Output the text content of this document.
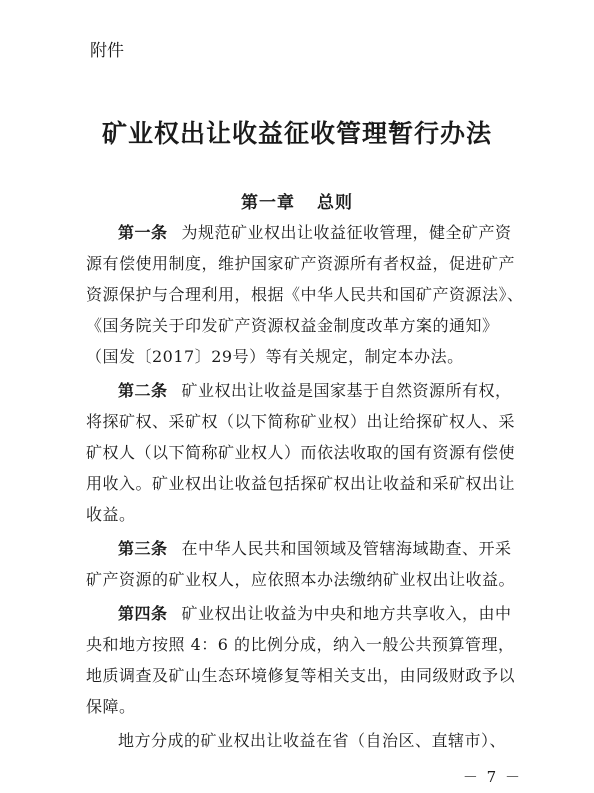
附件
矿业权出让收益征收管理暂行办法
第一章 总则
第一条 为规范矿业权出让收益征收管理，健全矿产资
源有偿使用制度，维护国家矿产资源所有者权益，促进矿产
资源保护与合理利用，根据《中华人民共和国矿产资源法》、
《国务院关于印发矿产资源权益金制度改革方案的通知》
（国发〔2017〕29号）等有关规定，制定本办法。
第二条 矿业权出让收益是国家基于自然资源所有权，
将探矿权、采矿权（以下简称矿业权）出让给探矿权人、采
矿权人（以下简称矿业权人）而依法收取的国有资源有偿使
用收入。矿业权出让收益包括探矿权出让收益和采矿权出让
收益。
第三条 在中华人民共和国领域及管辖海域勘查、开采
矿产资源的矿业权人，应依照本办法缴纳矿业权出让收益。
第四条 矿业权出让收益为中央和地方共享收入，由中
央和地方按照 4：6 的比例分成，纳入一般公共预算管理，
地质调查及矿山生态环境修复等相关支出，由同级财政予以
保障。
地方分成的矿业权出让收益在省（自治区、直辖市）、
－ 7 －
